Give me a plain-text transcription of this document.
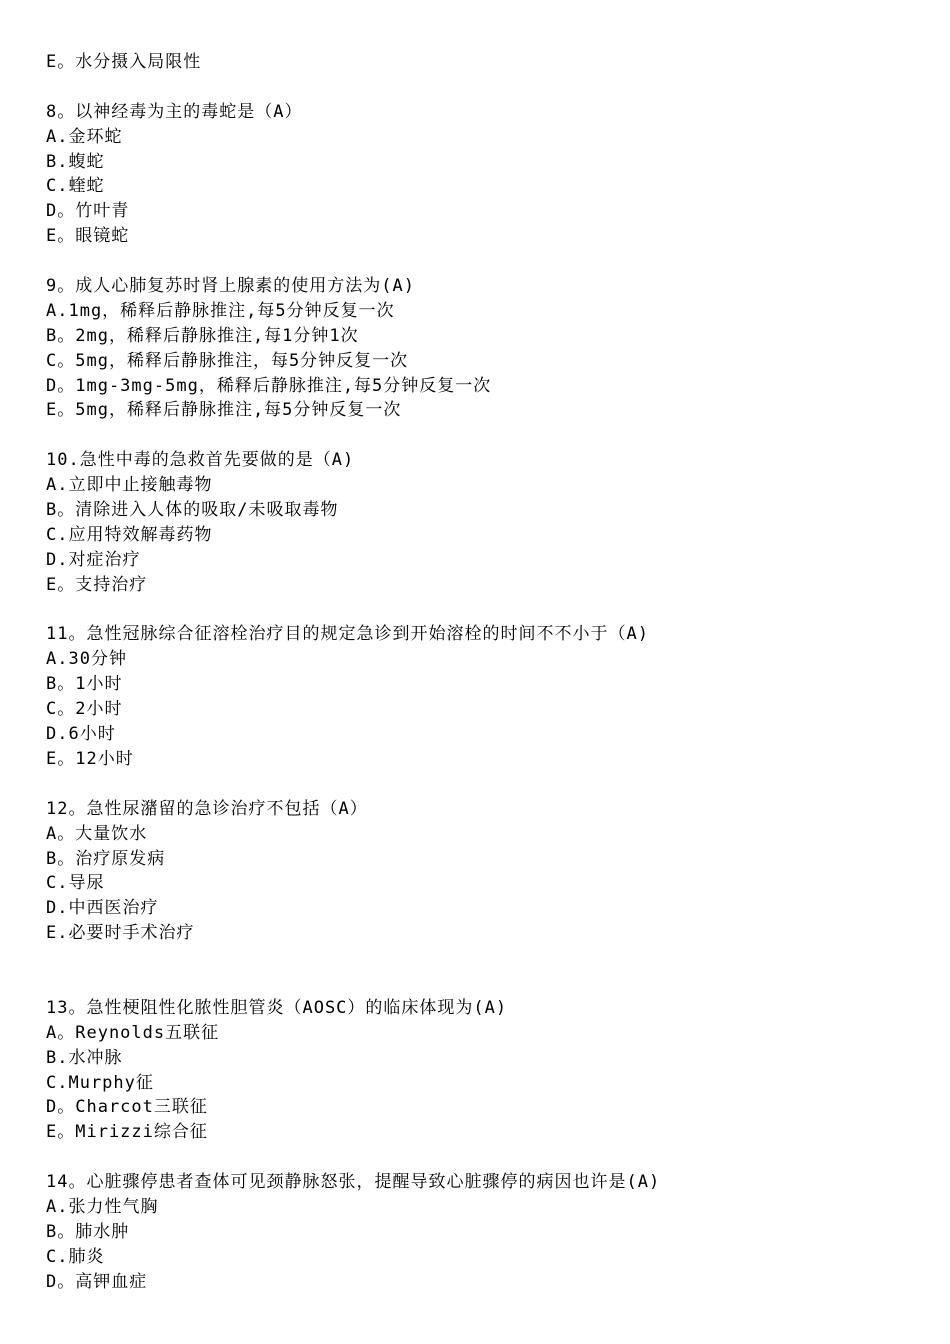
E。水分摄入局限性
8。以神经毒为主的毒蛇是（A）
A.金环蛇
B.蝮蛇
C.蝰蛇
D。竹叶青
E。眼镜蛇
9。成人心肺复苏时肾上腺素的使用方法为(A)
A.1mg，稀释后静脉推注,每5分钟反复一次
B。2mg，稀释后静脉推注,每1分钟1次
C。5mg，稀释后静脉推注，每5分钟反复一次
D。1mg-3mg-5mg，稀释后静脉推注,每5分钟反复一次
E。5mg，稀释后静脉推注,每5分钟反复一次
10.急性中毒的急救首先要做的是（A)
A.立即中止接触毒物
B。清除进入人体的吸取/未吸取毒物
C.应用特效解毒药物
D.对症治疗
E。支持治疗
11。急性冠脉综合征溶栓治疗目的规定急诊到开始溶栓的时间不不小于（A)
A.30分钟
B。1小时
C。2小时
D.6小时
E。12小时
12。急性尿潴留的急诊治疗不包括（A）
A。大量饮水
B。治疗原发病
C.导尿
D.中西医治疗
E.必要时手术治疗
13。急性梗阻性化脓性胆管炎（AOSC）的临床体现为(A)
A。Reynolds五联征
B.水冲脉
C.Murphy征
D。Charcot三联征
E。Mirizzi综合征
14。心脏骤停患者查体可见颈静脉怒张，提醒导致心脏骤停的病因也许是(A)
A.张力性气胸
B。肺水肿
C.肺炎
D。高钾血症
